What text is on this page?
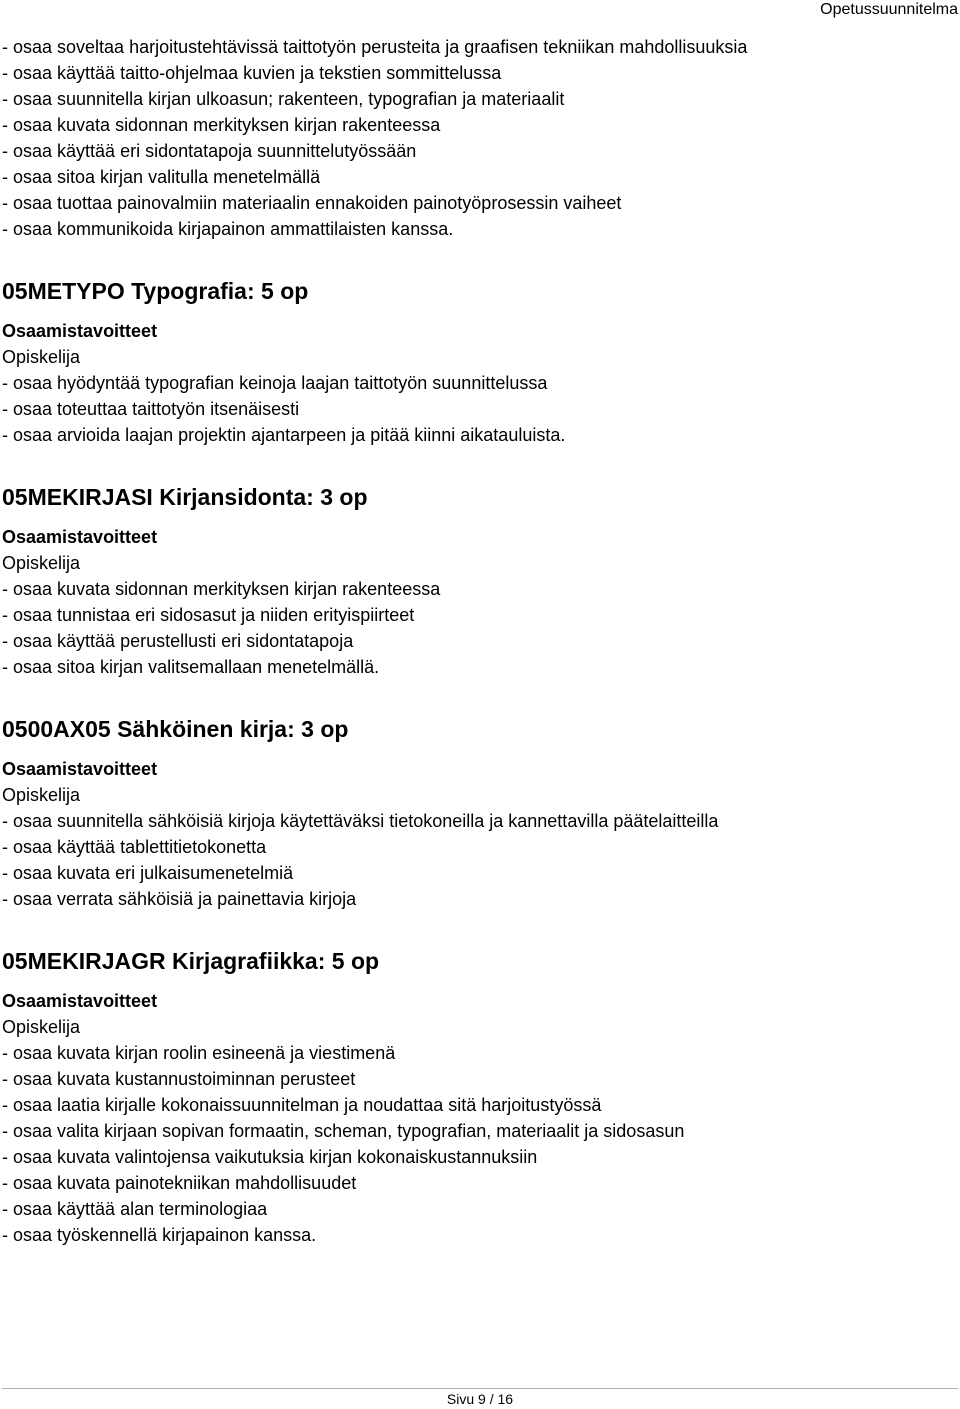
Opetussuunnitelma

- osaa soveltaa harjoitustehtävissä taittotyön perusteita ja graafisen tekniikan mahdollisuuksia

- osaa käyttää taitto-ohjelmaa kuvien ja tekstien sommittelussa

- osaa suunnitella kirjan ulkoasun; rakenteen, typografian ja materiaalit

- osaa kuvata sidonnan merkityksen kirjan rakenteessa

- osaa käyttää eri sidontatapoja suunnittelutyössään

- osaa sitoa kirjan valitulla menetelmällä

- osaa tuottaa painovalmiin materiaalin ennakoiden painotyöprosessin vaiheet

- osaa kommunikoida kirjapainon ammattilaisten kanssa.

05METYPO Typografia: 5 op

Osaamistavoitteet

Opiskelija

- osaa hyödyntää typografian keinoja laajan taittotyön suunnittelussa

- osaa toteuttaa taittotyön itsenäisesti

- osaa arvioida laajan projektin ajantarpeen ja pitää kiinni aikatauluista.

05MEKIRJASI Kirjansidonta: 3 op

Osaamistavoitteet

Opiskelija

- osaa kuvata sidonnan merkityksen kirjan rakenteessa

- osaa tunnistaa eri sidosasut ja niiden erityispiirteet

- osaa käyttää perustellusti eri sidontatapoja

- osaa sitoa kirjan valitsemallaan menetelmällä.

0500AX05 Sähköinen kirja: 3 op

Osaamistavoitteet

Opiskelija

- osaa suunnitella sähköisiä kirjoja käytettäväksi tietokoneilla ja kannettavilla päätelaitteilla

- osaa käyttää tablettitietokonetta

- osaa kuvata eri julkaisumenetelmiä

- osaa verrata sähköisiä ja painettavia kirjoja

05MEKIRJAGR Kirjagrafiikka: 5 op

Osaamistavoitteet

Opiskelija

- osaa kuvata kirjan roolin esineenä ja viestimenä

- osaa kuvata kustannustoiminnan perusteet

- osaa laatia kirjalle kokonaissuunnitelman ja noudattaa sitä harjoitustyössä

- osaa valita kirjaan sopivan formaatin, scheman, typografian, materiaalit ja sidosasun

- osaa kuvata valintojensa vaikutuksia kirjan kokonaiskustannuksiin

- osaa kuvata painotekniikan mahdollisuudet

- osaa käyttää alan terminologiaa

- osaa työskennellä kirjapainon kanssa.

Sivu 9 / 16
